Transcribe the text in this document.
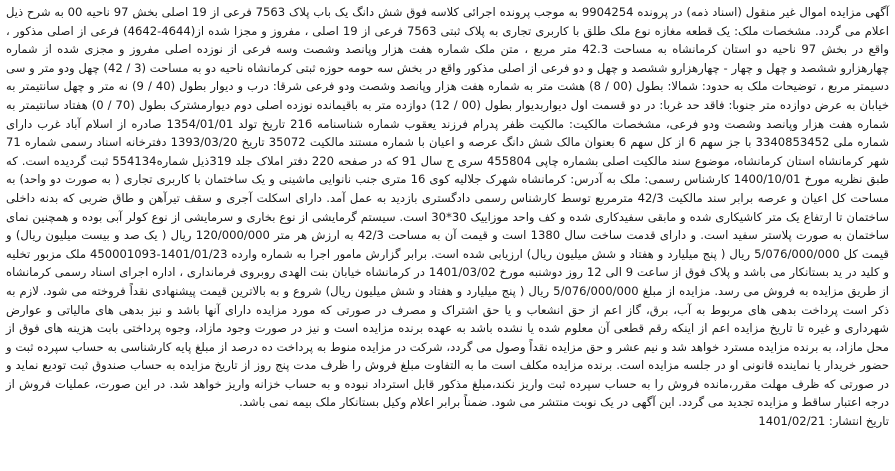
آگهی مزایده اموال غیر منقول (اسناد ذمه) در پرونده 9904254 به موجب پرونده اجرائی کلاسه فوق شش دانگ یک باب پلاک 7563 فرعی از 19 اصلی بخش 97 ناحیه 00 به شرح ذیل اعلام می گردد. مشخصات ملک: یک قطعه مغازه نوع ملک طلق با کاربری تجاری به پلاک ثبتی 7563 فرعی از 19 اصلی ، مفروز و مجزا شده از(4644-4642) فرعی از اصلی مذکور ، واقع در بخش 97 ناحیه دو استان کرمانشاه به مساحت 42.3 متر مربع ، متن ملک شماره هفت هزار وپانصد وشصت وسه فرعی از نوزده اصلی مفروز و مجزی شده از شماره چهارهزارو ششصد و چهل و چهار - چهارهزارو ششصد و چهل و دو فرعی از اصلی مذکور واقع در بخش سه حومه حوزه ثبتی کرمانشاه ناحیه دو به مساحت (3 / 42) چهل ودو متر و سی دسیمتر مربع ، توضیحات ملک به حدود: شمالا: بطول (00 / 8) هشت متر به شماره هفت هزار وپانصد وشصت ودو فرعی شرقا: درب و دیوار بطول (40 / 9) نه متر و چهل سانتیمتر به خیابان به عرض دوازده متر جنوبا: فاقد حد غربا: در دو قسمت اول دیواربدیوار بطول (00 / 12) دوازده متر به باقیمانده نوزده اصلی دوم دیوارمشترک بطول (70 / 0) هفتاد سانتیمتر به شماره هفت هزار وپانصد وشصت ودو فرعی، مشخصات مالکیت: مالکیت ظفر پدرام فرزند یعقوب شماره شناسنامه 216 تاریخ تولد 1354/01/01 صادره از اسلام آباد غرب دارای شماره ملی 3340853452 با جز سهم 6 از کل سهم 6 بعنوان مالک شش دانگ عرصه و اعیان با شماره مستند مالکیت 35072 تاریخ 1393/03/20 دفترخانه اسناد رسمی شماره 71 شهر کرمانشاه استان کرمانشاه، موضوع سند مالکیت اصلی بشماره چاپی 455804 سری ج سال 91 که در صفحه 220 دفتر املاک جلد 319ذیل شماره554134 ثبت گردیده است. که طبق نظریه مورخ 1400/10/01 کارشناس رسمی: ملک به آدرس: کرمانشاه شهرک جلالیه کوی 16 متری جنب نانوایی ماشینی و یک ساختمان با کاربری تجاری ( به صورت دو واحد) به مساحت کل اعیان و عرصه برابر سند مالکیت 42/3 مترمربع توسط کارشناس رسمی دادگستری بازدید به عمل آمد. دارای اسکلت آجری و سقف تیرآهن و طاق ضربی که بدنه داخلی ساختمان تا ارتفاع یک متر کاشیکاری شده و مابقی سفیدکاری شده و کف واحد موزاییک 30*30 است. سیستم گرمایشی از نوع بخاری و سرمایشی از نوع کولر آبی بوده و همچنین نمای ساختمان به صورت پلاستر سفید است. و دارای قدمت ساخت سال 1380 است و قیمت آن به مساحت 42/3 به ارزش هر متر 120/000/000 ریال ( یک صد و بیست میلیون ریال) و قیمت کل 5/076/000/000 ریال ( پنج میلیارد و هفتاد و شش میلیون ریال) ارزیابی شده است. برابر گزارش مامور اجرا به شماره وارده 1401/01/23-450001093 ملک مزبور تخلیه و کلید در ید بستانکار می باشد و پلاک فوق از ساعت 9 الی 12 روز دوشنبه مورخ 1401/03/02 در کرمانشاه خیابان بنت الهدی روبروی فرمانداری ، اداره اجرای اسناد رسمی کرمانشاه از طریق مزایده به فروش می رسد. مزایده از مبلغ 5/076/000/000 ریال ( پنج میلیارد و هفتاد و شش میلیون ریال) شروع و به بالاترین قیمت پیشنهادی نقداً فروخته می شود. لازم به ذکر است پرداخت بدهی های مربوط به آب، برق، گاز اعم از حق انشعاب و یا حق اشتراک و مصرف در صورتی که مورد مزایده دارای آنها باشد و نیز بدهی های مالیاتی و عوارض شهرداری و غیره تا تاریخ مزایده اعم از اینکه رقم قطعی آن معلوم شده یا نشده باشد به عهده برنده مزایده است و نیز در صورت وجود مازاد، وجوه پرداختی بابت هزینه های فوق از محل مازاد، به برنده مزایده مسترد خواهد شد و نیم عشر و حق مزایده نقداً وصول می گردد، شرکت در مزایده منوط به پرداخت ده درصد از مبلغ پایه کارشناسی به حساب سپرده ثبت و حضور خریدار یا نماینده قانونی او در جلسه مزایده است. برنده مزایده مکلف است ما به التفاوت مبلغ فروش را ظرف مدت پنج روز از تاریخ مزایده به حساب صندوق ثبت تودیع نماید و در صورتی که ظرف مهلت مقرر،مانده فروش را به حساب سپرده ثبت واریز نکند،مبلغ مذکور قابل استرداد نبوده و به حساب خزانه واریز خواهد شد. در این صورت، عملیات فروش از درجه اعتبار ساقط و مزایده تجدید می گردد. این آگهی در یک نوبت منتشر می شود. ضمناً برابر اعلام وکیل بستانکار ملک بیمه نمی باشد.

تاریخ انتشار: 1401/02/21
